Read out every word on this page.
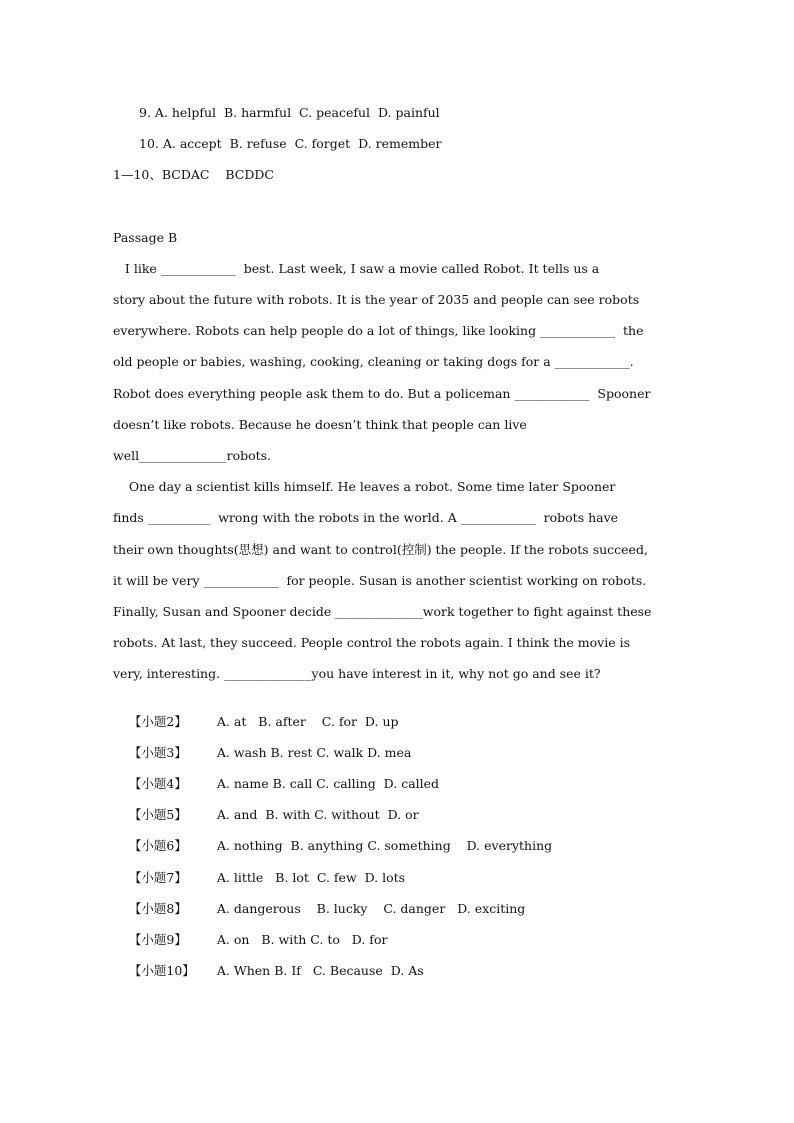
9. A. helpful  B. harmful  C. peaceful  D. painful
10. A. accept  B. refuse  C. forget  D. remember
1—10、BCDAC    BCDDC
Passage B
I like ____________  best. Last week, I saw a movie called Robot. It tells us a
story about the future with robots. It is the year of 2035 and people can see robots
everywhere. Robots can help people do a lot of things, like looking ____________  the
old people or babies, washing, cooking, cleaning or taking dogs for a ____________.
Robot does everything people ask them to do. But a policeman ____________  Spooner
doesn’t like robots. Because he doesn’t think that people can live
well______________robots.
One day a scientist kills himself. He leaves a robot. Some time later Spooner
finds __________  wrong with the robots in the world. A ____________  robots have
their own thoughts(思想) and want to control(控制) the people. If the robots succeed,
it will be very ____________  for people. Susan is another scientist working on robots.
Finally, Susan and Spooner decide ______________work together to fight against these
robots. At last, they succeed. People control the robots again. I think the movie is
very, interesting. ______________you have interest in it, why not go and see it?

【小题2】 A. at   B. after    C. for  D. up

【小题3】 A. wash B. rest C. walk D. mea

【小题4】 A. name B. call C. calling  D. called

【小题5】 A. and  B. with C. without  D. or

【小题6】 A. nothing  B. anything C. something    D. everything

【小题7】 A. little   B. lot  C. few  D. lots

【小题8】 A. dangerous    B. lucky    C. danger   D. exciting

【小题9】 A. on   B. with C. to   D. for

【小题10】 A. When B. If   C. Because  D. As
